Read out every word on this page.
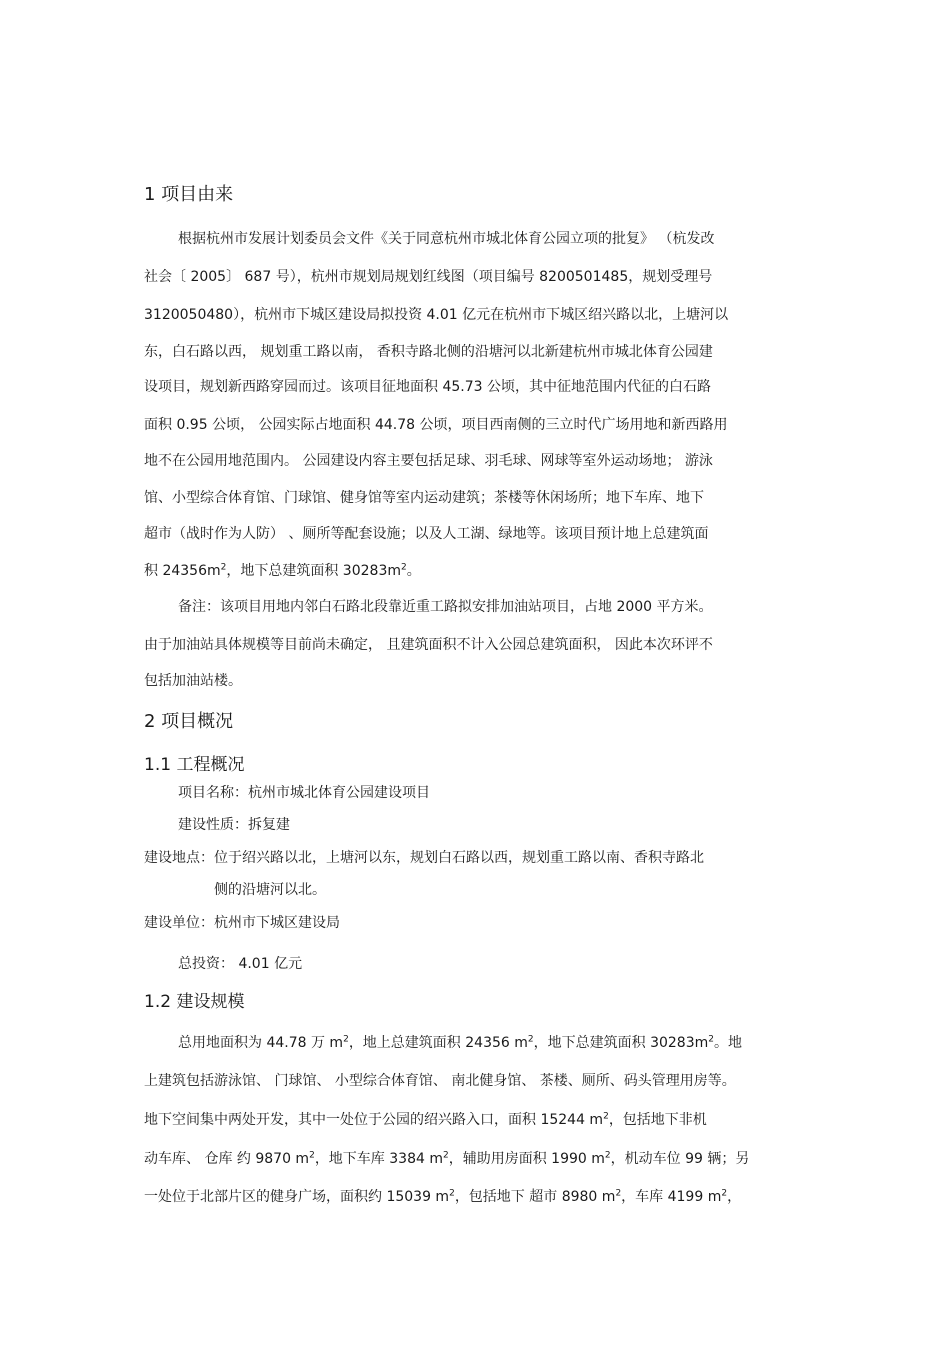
1 项目由来
根据杭州市发展计划委员会文件《关于同意杭州市城北体育公园立项的批复》 （杭发改
社会〔 2005〕 687 号），杭州市规划局规划红线图（项目编号 8200501485，规划受理号
3120050480），杭州市下城区建设局拟投资 4.01 亿元在杭州市下城区绍兴路以北，上塘河以
东，白石路以西， 规划重工路以南， 香积寺路北侧的沿塘河以北新建杭州市城北体育公园建
设项目，规划新西路穿园而过。该项目征地面积 45.73 公顷，其中征地范围内代征的白石路
面积 0.95 公顷， 公园实际占地面积 44.78 公顷，项目西南侧的三立时代广场用地和新西路用
地不在公园用地范围内。 公园建设内容主要包括足球、羽毛球、网球等室外运动场地； 游泳
馆、小型综合体育馆、门球馆、健身馆等室内运动建筑；茶楼等休闲场所；地下车库、地下
超市（战时作为人防） 、厕所等配套设施；以及人工湖、绿地等。该项目预计地上总建筑面
积 $24356m^2$，地下总建筑面积 $30283m^2$。
备注：该项目用地内邻白石路北段靠近重工路拟安排加油站项目，占地 2000 平方米。
由于加油站具体规模等目前尚未确定， 且建筑面积不计入公园总建筑面积， 因此本次环评不
包括加油站楼。
2 项目概况
1.1 工程概况
项目名称：杭州市城北体育公园建设项目
建设性质：拆复建
建设地点：位于绍兴路以北，上塘河以东，规划白石路以西，规划重工路以南、香积寺路北
侧的沿塘河以北。
建设单位：杭州市下城区建设局
总投资： 4.01 亿元
1.2 建设规模
总用地面积为 44.78 万 $m^2$，地上总建筑面积 24356 $m^2$，地下总建筑面积 $30283m^2$。地
上建筑包括游泳馆、 门球馆、 小型综合体育馆、 南北健身馆、 茶楼、厕所、码头管理用房等。
地下空间集中两处开发，其中一处位于公园的绍兴路入口，面积 15244 $m^2$，包括地下非机
动车库、 仓库 约 9870 $m^2$，地下车库 3384 $m^2$，辅助用房面积 1990 $m^2$，机动车位 99 辆；另
一处位于北部片区的健身广场，面积约 15039 $m^2$，包括地下 超市 8980 $m^2$，车库 4199 $m^2$，
